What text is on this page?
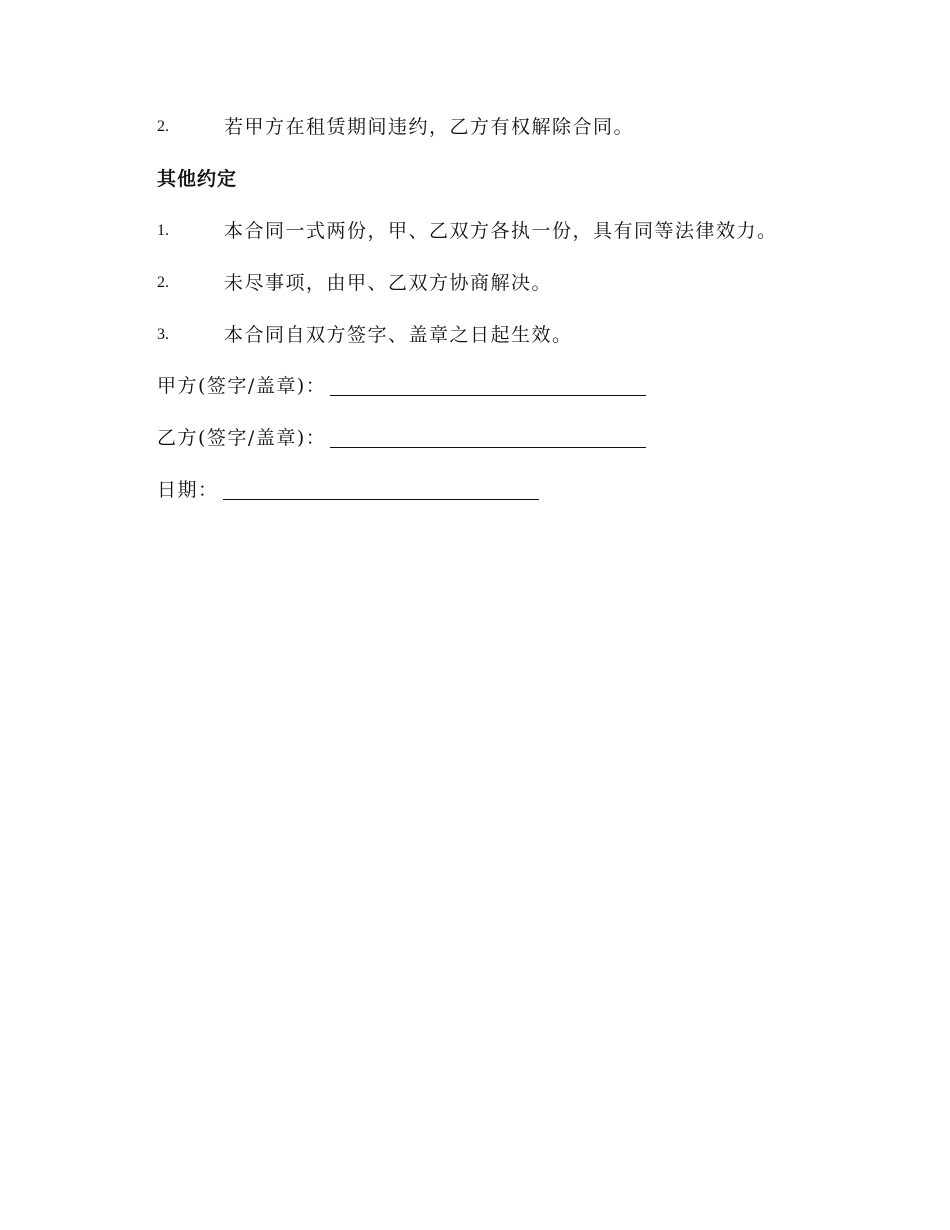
2.	若甲方在租赁期间违约，乙方有权解除合同。
其他约定
1.	本合同一式两份，甲、乙双方各执一份，具有同等法律效力。
2.	未尽事项，由甲、乙双方协商解决。
3.	本合同自双方签字、盖章之日起生效。
甲方(签字/盖章)：
乙方(签字/盖章)：
日期：
